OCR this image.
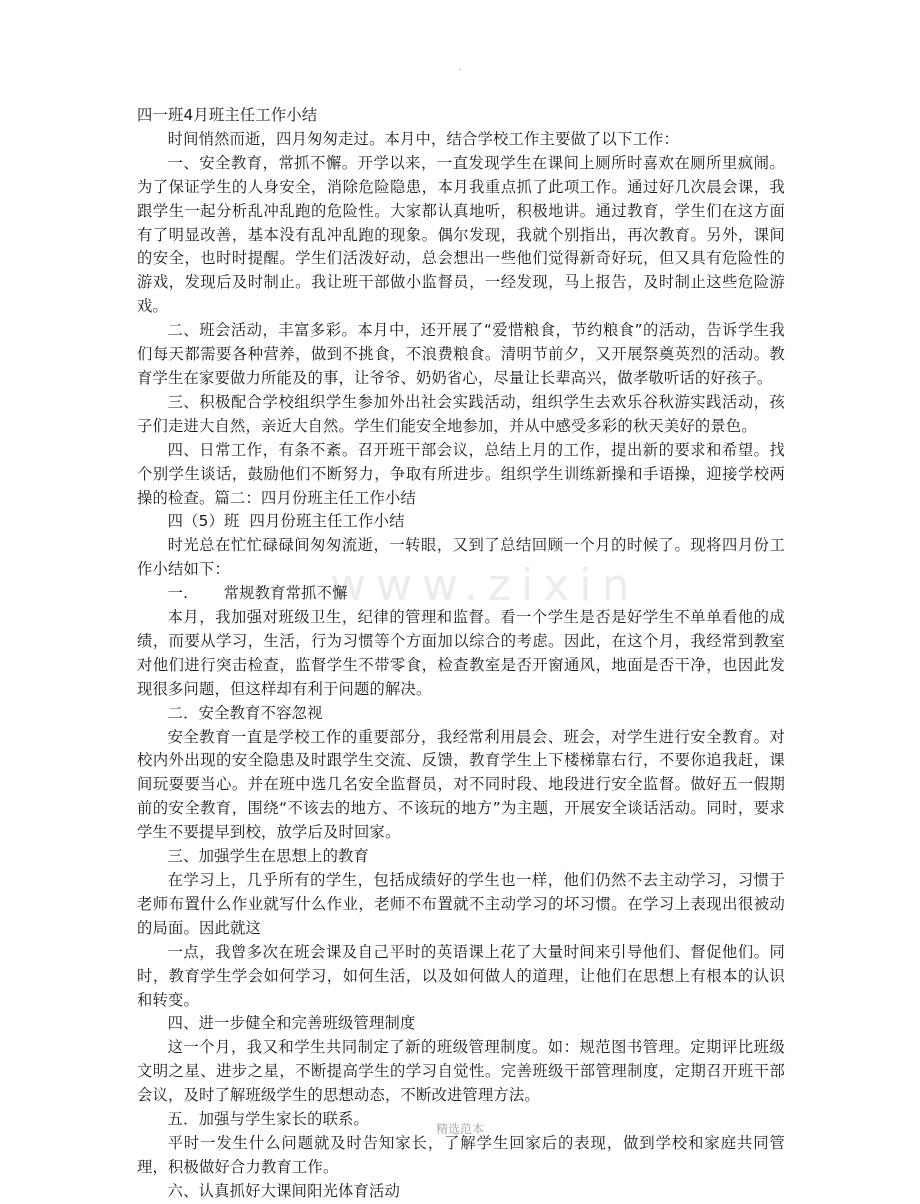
.
www.zixin

四一班4月班主任工作小结

时间悄然而逝，四月匆匆走过。本月中，结合学校工作主要做了以下工作：

一、安全教育，常抓不懈。开学以来，一直发现学生在课间上厕所时喜欢在厕所里疯闹。为了保证学生的人身安全，消除危险隐患，本月我重点抓了此项工作。通过好几次晨会课，我跟学生一起分析乱冲乱跑的危险性。大家都认真地听，积极地讲。通过教育，学生们在这方面有了明显改善，基本没有乱冲乱跑的现象。偶尔发现，我就个别指出，再次教育。另外，课间的安全，也时时提醒。学生们活泼好动，总会想出一些他们觉得新奇好玩，但又具有危险性的游戏，发现后及时制止。我让班干部做小监督员，一经发现，马上报告，及时制止这些危险游戏。

二、班会活动，丰富多彩。本月中，还开展了“爱惜粮食，节约粮食”的活动，告诉学生我们每天都需要各种营养，做到不挑食，不浪费粮食。清明节前夕，又开展祭奠英烈的活动。教育学生在家要做力所能及的事，让爷爷、奶奶省心，尽量让长辈高兴，做孝敬听话的好孩子。

三、积极配合学校组织学生参加外出社会实践活动，组织学生去欢乐谷秋游实践活动，孩子们走进大自然，亲近大自然。学生们能安全地参加，并从中感受多彩的秋天美好的景色。

四、日常工作，有条不紊。召开班干部会议，总结上月的工作，提出新的要求和希望。找个别学生谈话，鼓励他们不断努力，争取有所进步。组织学生训练新操和手语操，迎接学校两操的检查。篇二：四月份班主任工作小结

四（5）班  四月份班主任工作小结

时光总在忙忙碌碌间匆匆流逝，一转眼，又到了总结回顾一个月的时候了。现将四月份工作小结如下：

一.       常规教育常抓不懈

本月，我加强对班级卫生，纪律的管理和监督。看一个学生是否是好学生不单单看他的成绩，而要从学习，生活，行为习惯等个方面加以综合的考虑。因此，在这个月，我经常到教室对他们进行突击检查，监督学生不带零食，检查教室是否开窗通风，地面是否干净，也因此发现很多问题，但这样却有利于问题的解决。

二．安全教育不容忽视

安全教育一直是学校工作的重要部分，我经常利用晨会、班会，对学生进行安全教育。对校内外出现的安全隐患及时跟学生交流、反馈，教育学生上下楼梯靠右行，不要你追我赶，课间玩耍要当心。并在班中选几名安全监督员，对不同时段、地段进行安全监督。做好五一假期前的安全教育，围绕“不该去的地方、不该玩的地方”为主题，开展安全谈话活动。同时，要求学生不要提早到校，放学后及时回家。

三、加强学生在思想上的教育

在学习上，几乎所有的学生，包括成绩好的学生也一样，他们仍然不去主动学习，习惯于老师布置什么作业就写什么作业，老师不布置就不主动学习的坏习惯。在学习上表现出很被动的局面。因此就这

一点，我曾多次在班会课及自己平时的英语课上花了大量时间来引导他们、督促他们。同时，教育学生学会如何学习，如何生活，以及如何做人的道理，让他们在思想上有根本的认识和转变。

四、进一步健全和完善班级管理制度

这一个月，我又和学生共同制定了新的班级管理制度。如：规范图书管理。定期评比班级文明之星、进步之星，不断提高学生的学习自觉性。完善班级干部管理制度，定期召开班干部会议，及时了解班级学生的思想动态，不断改进管理方法。

五．加强与学生家长的联系。

平时一发生什么问题就及时告知家长，了解学生回家后的表现，做到学校和家庭共同管理，积极做好合力教育工作。

六、认真抓好大课间阳光体育活动

精选范本
